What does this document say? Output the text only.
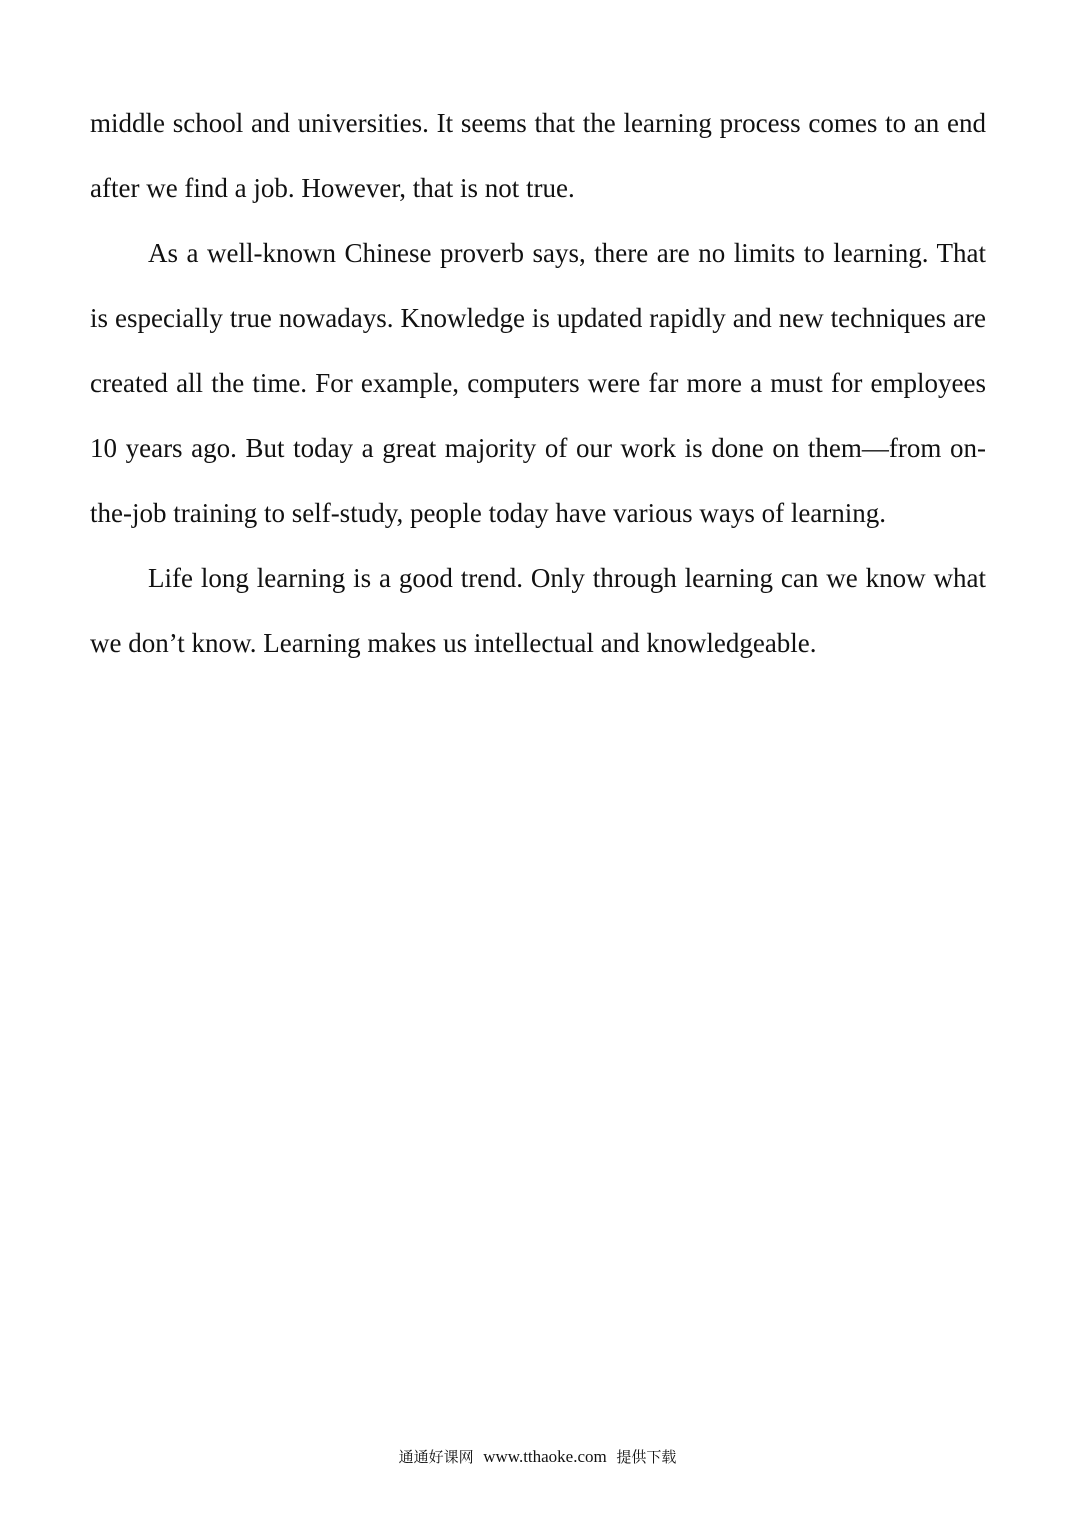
middle school and universities. It seems that the learning process comes to an end after we find a job. However, that is not true.

As a well-known Chinese proverb says, there are no limits to learning. That is especially true nowadays. Knowledge is updated rapidly and new techniques are created all the time. For example, computers were far more a must for employees 10 years ago. But today a great majority of our work is done on them—from on-the-job training to self-study, people today have various ways of learning.

Life long learning is a good trend. Only through learning can we know what we don’t know. Learning makes us intellectual and knowledgeable.

通通好课网 www.tthaoke.com 提供下载
